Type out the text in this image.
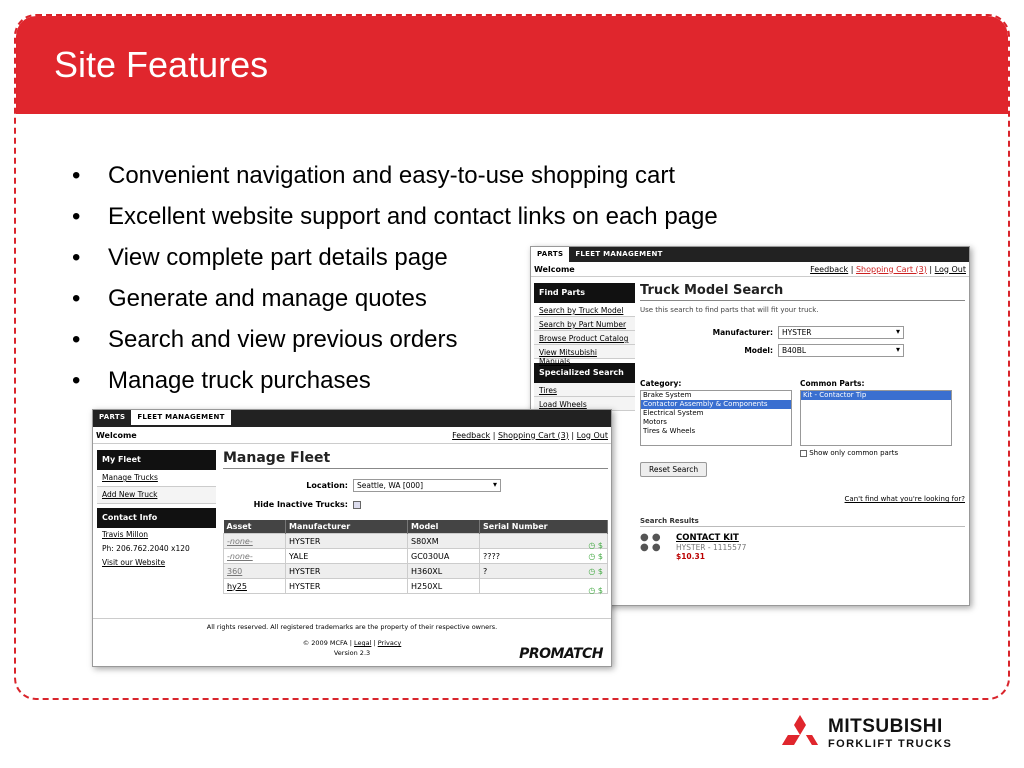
Site Features
• Convenient navigation and easy-to-use shopping cart
• Excellent website support and contact links on each page
• View complete part details page
• Generate and manage quotes
• Search and view previous orders
• Manage truck purchases
PARTS	FLEET MANAGEMENT
Welcome	Feedback | Shopping Cart (3) | Log Out
Find Parts
Search by Truck Model
Search by Part Number
Browse Product Catalog
View Mitsubishi Manuals
Specialized Search
Tires
Load Wheels
Truck Model Search
Use this search to find parts that will fit your truck.
Manufacturer:	HYSTER ▾
Model:	B40BL ▾
Category:
Brake System
Contactor Assembly & Components
Electrical System
Motors
Tires & Wheels
Common Parts:
Kit - Contactor Tip
Show only common parts
Reset Search
Can't find what you're looking for?
Search Results
● ●
● ●
CONTACT KIT
HYSTER - 1115577
$10.31
PARTS	FLEET MANAGEMENT
Welcome	Feedback | Shopping Cart (3) | Log Out
My Fleet
Manage Trucks
Add New Truck
Contact Info
Travis Millon
Ph: 206.762.2040 x120
Visit our Website
Manage Fleet
Location:	Seattle, WA [000] ▾
Hide Inactive Trucks:
Asset	Manufacturer	Model	Serial Number
-none-	HYSTER	S80XM	◷ $

-none-	YALE	GC030UA	???? ◷ $

360	HYSTER	H360XL	? ◷ $

hy25	HYSTER	H250XL	◷ $
All rights reserved. All registered trademarks are the property of their respective owners.
© 2009 MCFA | Legal | Privacy
Version 2.3	PROMATCH
MITSUBISHI
FORKLIFT TRUCKS
